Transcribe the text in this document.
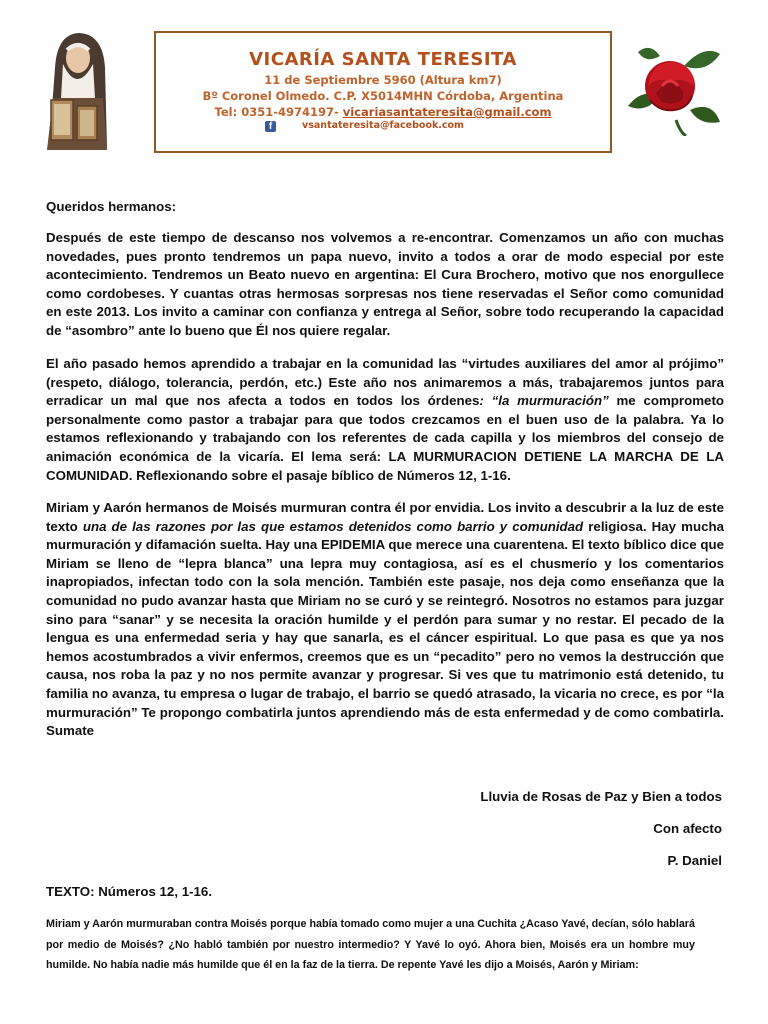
VICARÍA SANTA TERESITA
11 de Septiembre 5960 (Altura km7)
Bº Coronel Olmedo. C.P. X5014MHN Córdoba, Argentina
Tel: 0351-4974197- vicariasantateresita@gmail.com
f	vsantateresita@facebook.com

Queridos hermanos:

Después de este tiempo de descanso nos volvemos a re-encontrar. Comenzamos un año con muchas novedades, pues pronto tendremos un papa nuevo, invito a todos a orar de modo especial por este acontecimiento. Tendremos un Beato nuevo en argentina: El Cura Brochero, motivo que nos enorgullece como cordobeses. Y cuantas otras hermosas sorpresas nos tiene reservadas el Señor como comunidad en este 2013. Los invito a caminar con confianza y entrega al Señor, sobre todo recuperando la capacidad de “asombro” ante lo bueno que Él nos quiere regalar.

El año pasado hemos aprendido a trabajar en la comunidad las “virtudes auxiliares del amor al prójimo” (respeto, diálogo, tolerancia, perdón, etc.) Este año nos animaremos a más, trabajaremos juntos para erradicar un mal que nos afecta a todos en todos los órdenes: “la murmuración” me comprometo personalmente como pastor a trabajar para que todos crezcamos en el buen uso de la palabra. Ya lo estamos reflexionando y trabajando con los referentes de cada capilla y los miembros del consejo de animación económica de la vicaría. El lema será: LA MURMURACION DETIENE LA MARCHA DE LA COMUNIDAD. Reflexionando sobre el pasaje bíblico de Números 12, 1-16.

Miriam y Aarón hermanos de Moisés murmuran contra él por envidia. Los invito a descubrir a la luz de este texto una de las razones por las que estamos detenidos como barrio y comunidad religiosa. Hay mucha murmuración y difamación suelta. Hay una EPIDEMIA que merece una cuarentena. El texto bíblico dice que Miriam se lleno de “lepra blanca” una lepra muy contagiosa, así es el chusmerío y los comentarios inapropiados, infectan todo con la sola mención. También este pasaje, nos deja como enseñanza que la comunidad no pudo avanzar hasta que Miriam no se curó y se reintegró. Nosotros no estamos para juzgar sino para “sanar” y se necesita la oración humilde y el perdón para sumar y no restar. El pecado de la lengua es una enfermedad seria y hay que sanarla, es el cáncer espiritual. Lo que pasa es que ya nos hemos acostumbrados a vivir enfermos, creemos que es un “pecadito” pero no vemos la destrucción que causa, nos roba la paz y no nos permite avanzar y progresar. Si ves que tu matrimonio está detenido, tu familia no avanza, tu empresa o lugar de trabajo, el barrio se quedó atrasado, la vicaria no crece, es por “la murmuración” Te propongo combatirla juntos aprendiendo más de esta enfermedad y de como combatirla. Sumate

Lluvia de Rosas de Paz y Bien a todos

Con afecto

P. Daniel

TEXTO: Números 12, 1-16.

Miriam y Aarón murmuraban contra Moisés porque había tomado como mujer a una Cuchita ¿Acaso Yavé, decían, sólo hablará por medio de Moisés? ¿No habló también por nuestro intermedio? Y Yavé lo oyó. Ahora bien, Moisés era un hombre muy humilde. No había nadie más humilde que él en la faz de la tierra. De repente Yavé les dijo a Moisés, Aarón y Miriam:
